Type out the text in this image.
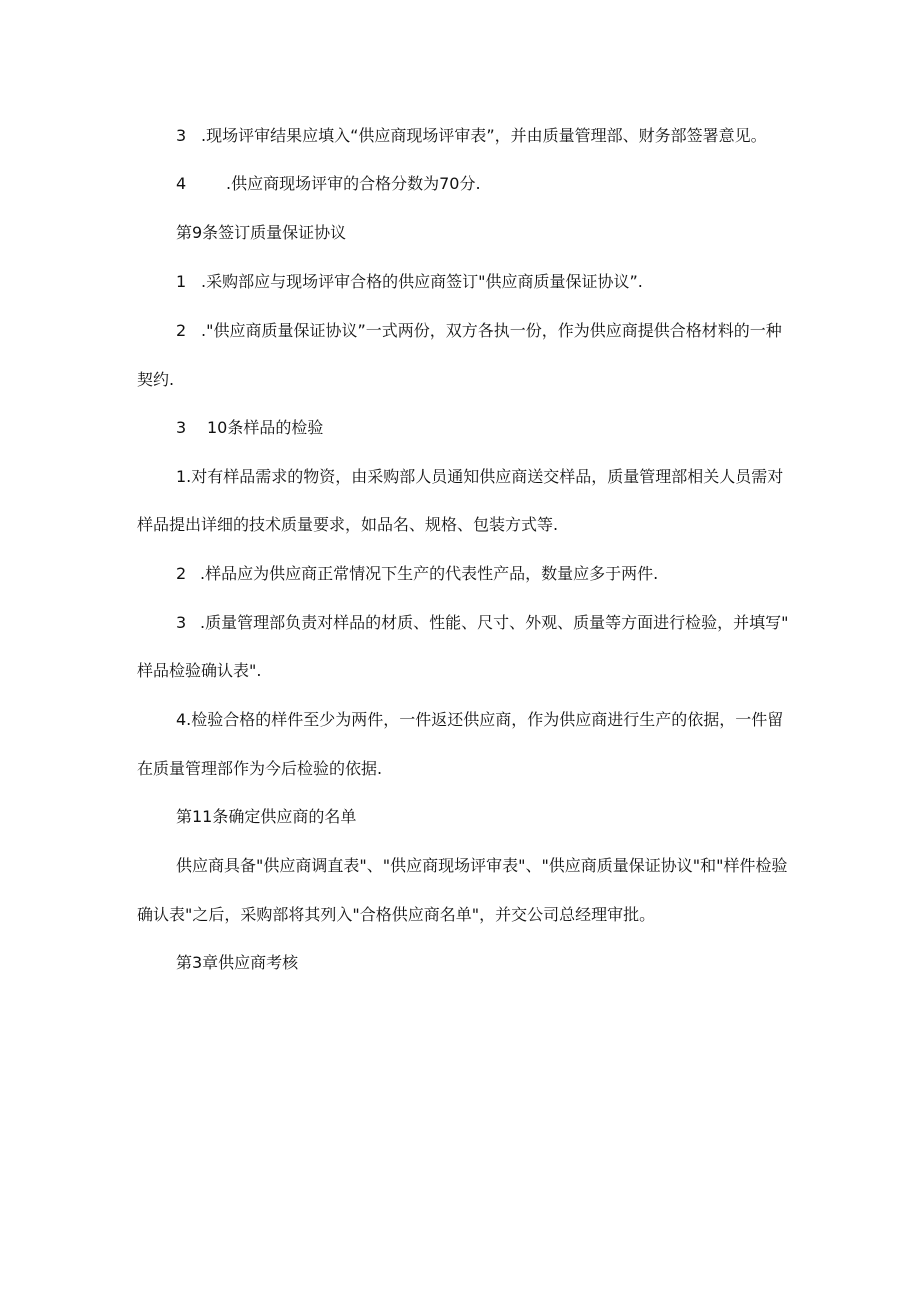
3 .现场评审结果应填入“供应商现场评审表”，并由质量管理部、财务部签署意见。
4 .供应商现场评审的合格分数为70分.
第9条签订质量保证协议
1 .采购部应与现场评审合格的供应商签订"供应商质量保证协议”.
2 ."供应商质量保证协议”一式两份，双方各执一份，作为供应商提供合格材料的一种
契约.
3 10条样品的检验
1.对有样品需求的物资，由采购部人员通知供应商送交样品，质量管理部相关人员需对
样品提出详细的技术质量要求，如品名、规格、包装方式等.
2 .样品应为供应商正常情况下生产的代表性产品，数量应多于两件.
3 .质量管理部负责对样品的材质、性能、尺寸、外观、质量等方面进行检验，并填写"
样品检验确认表".
4.检验合格的样件至少为两件，一件返还供应商，作为供应商进行生产的依据，一件留
在质量管理部作为今后检验的依据.
第11条确定供应商的名单
供应商具备"供应商调直表"、"供应商现场评审表"、"供应商质量保证协议"和"样件检验
确认表"之后，采购部将其列入"合格供应商名单"，并交公司总经理审批。
第3章供应商考核
